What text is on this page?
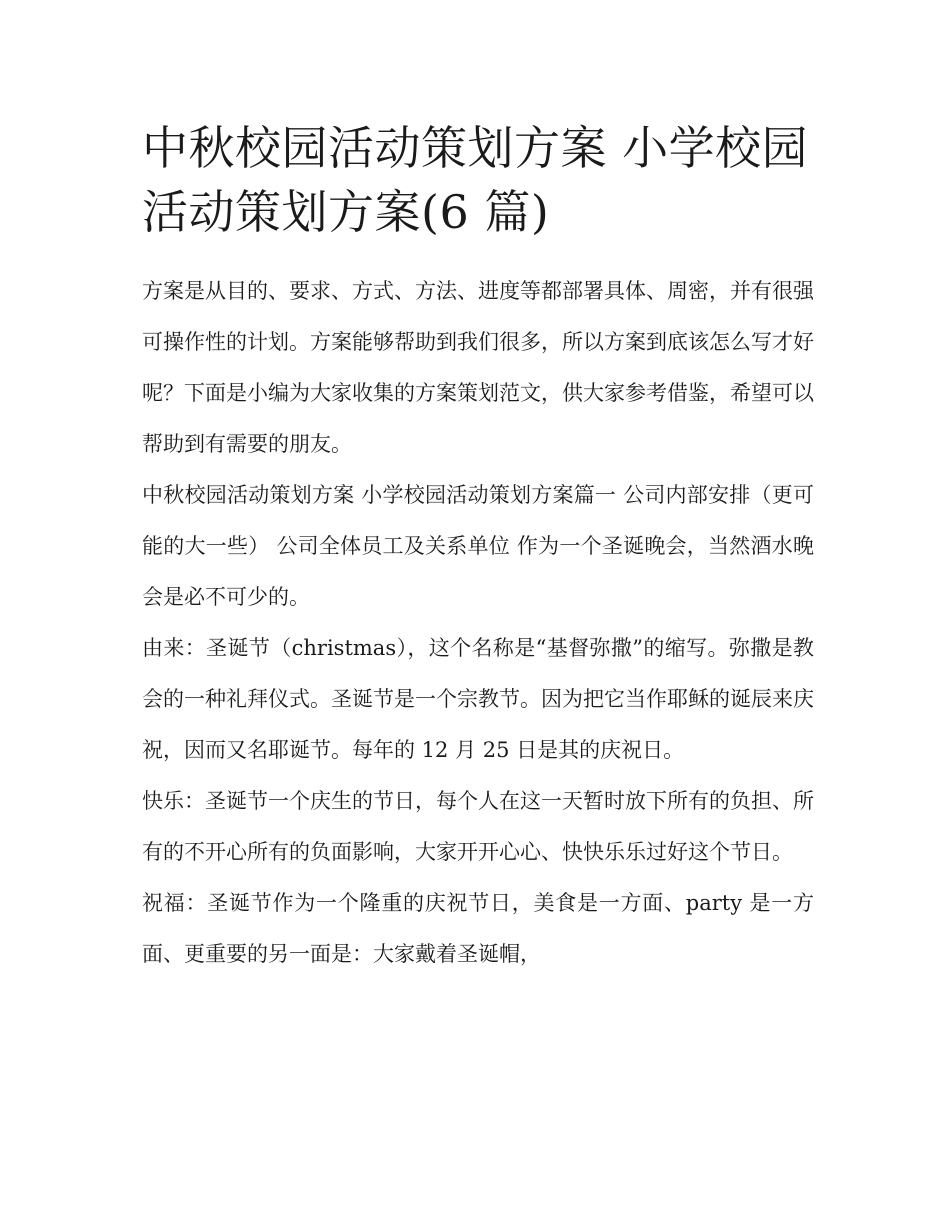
中秋校园活动策划方案 小学校园活动策划方案(6 篇)

方案是从目的、要求、方式、方法、进度等都部署具体、周密，并有很强可操作性的计划。方案能够帮助到我们很多，所以方案到底该怎么写才好呢？下面是小编为大家收集的方案策划范文，供大家参考借鉴，希望可以帮助到有需要的朋友。

中秋校园活动策划方案 小学校园活动策划方案篇一 公司内部安排（更可能的大一些） 公司全体员工及关系单位 作为一个圣诞晚会，当然酒水晚会是必不可少的。

由来：圣诞节（christmas），这个名称是“基督弥撒”的缩写。弥撒是教会的一种礼拜仪式。圣诞节是一个宗教节。因为把它当作耶稣的诞辰来庆祝，因而又名耶诞节。每年的 12 月 25 日是其的庆祝日。

快乐：圣诞节一个庆生的节日，每个人在这一天暂时放下所有的负担、所有的不开心所有的负面影响，大家开开心心、快快乐乐过好这个节日。

祝福：圣诞节作为一个隆重的庆祝节日，美食是一方面、party 是一方面、更重要的另一面是：大家戴着圣诞帽，
